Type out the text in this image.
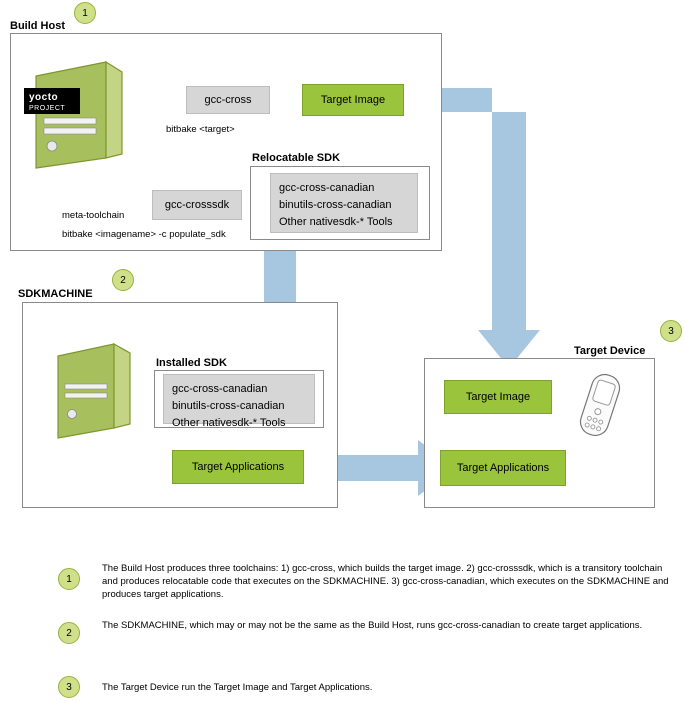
Build Host
1
yocto
PROJECT
gcc-cross	Target Image
bitbake <target>
Relocatable SDK
gcc-cross-canadian
binutils-cross-canadian
Other nativesdk-* Tools
gcc-crosssdk
meta-toolchain
bitbake <imagename> -c populate_sdk
2
SDKMACHINE
Installed SDK
gcc-cross-canadian
binutils-cross-canadian
Other nativesdk-* Tools
Target Applications
3
Target Device
Target Image
Target Applications
1
The Build Host produces three toolchains: 1) gcc-cross, which builds the target image. 2) gcc-crosssdk, which is a transitory toolchain and produces relocatable code that executes on the SDKMACHINE. 3) gcc-cross-canadian, which executes on the SDKMACHINE and produces target applications.
2
The SDKMACHINE, which may or may not be the same as the Build Host, runs gcc-cross-canadian to create target applications.
3	The Target Device run the Target Image and Target Applications.
